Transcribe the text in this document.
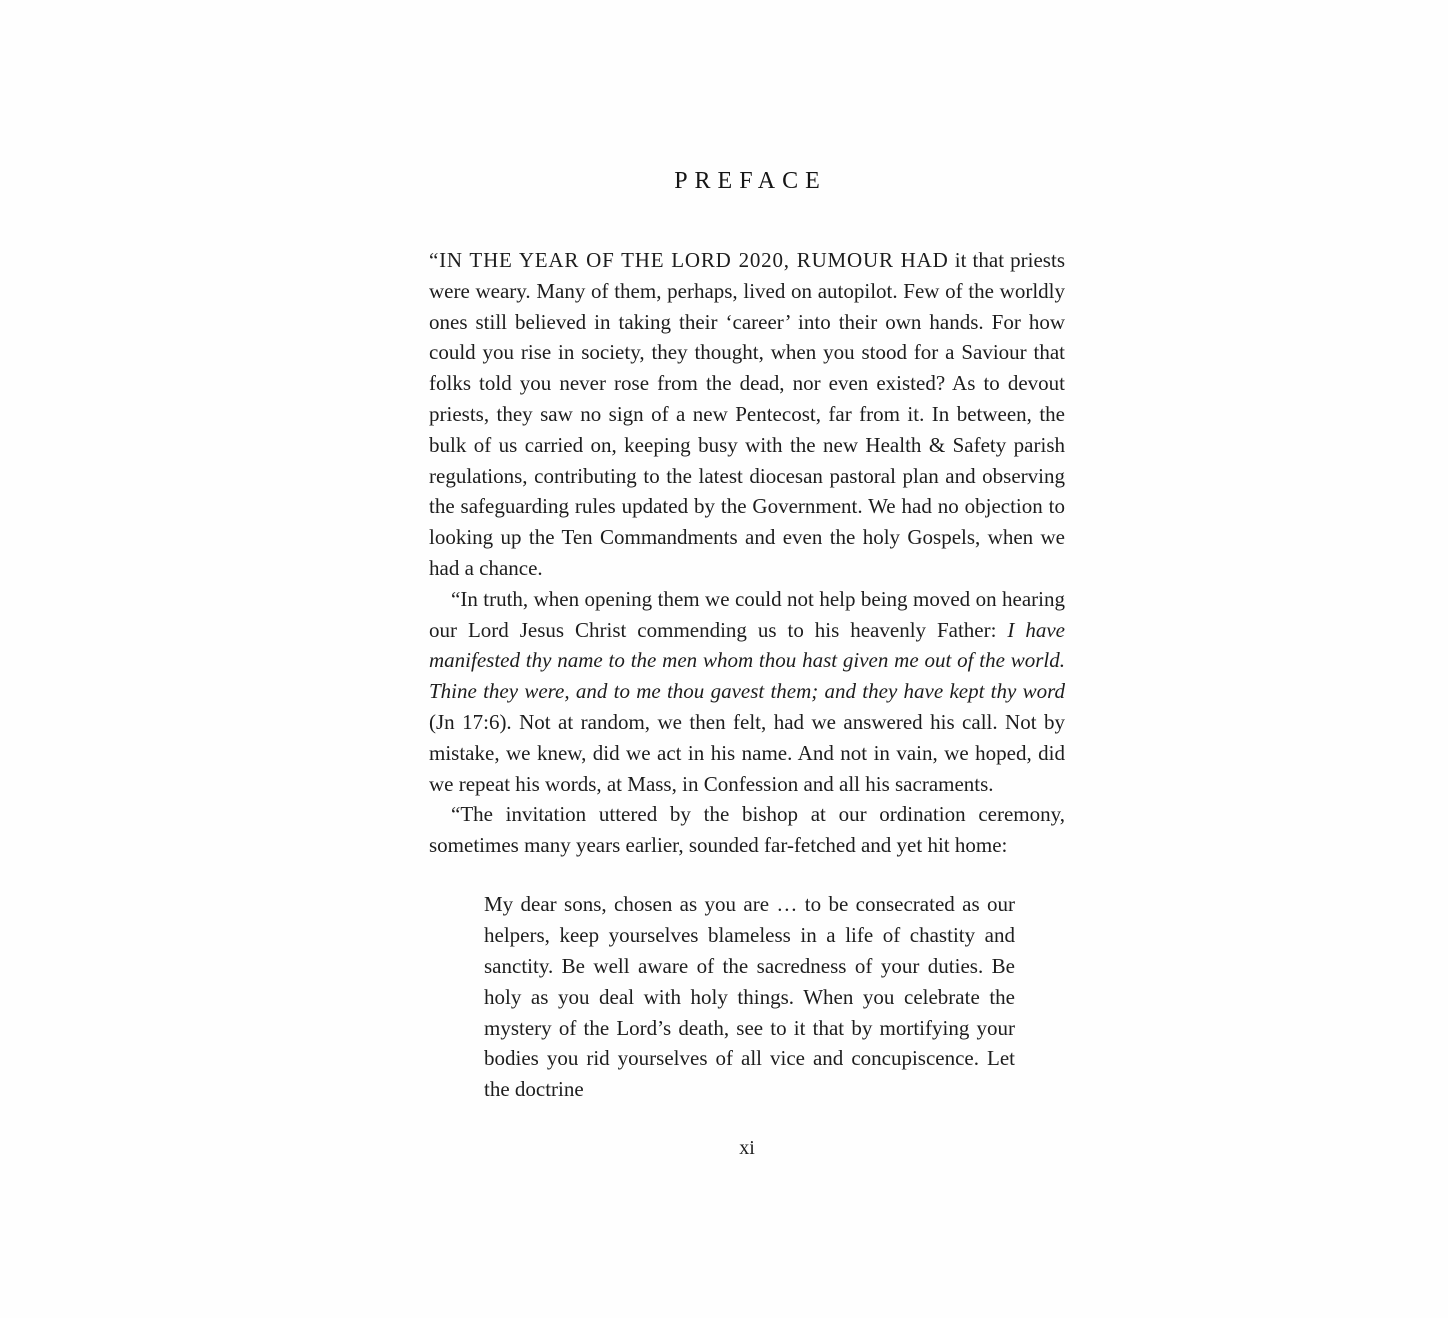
PREFACE

“IN THE YEAR OF THE LORD 2020, RUMOUR HAD it that priests were weary. Many of them, perhaps, lived on autopilot. Few of the worldly ones still believed in taking their ‘career’ into their own hands. For how could you rise in society, they thought, when you stood for a Saviour that folks told you never rose from the dead, nor even existed? As to devout priests, they saw no sign of a new Pentecost, far from it. In between, the bulk of us carried on, keeping busy with the new Health & Safety parish regulations, contributing to the latest diocesan pastoral plan and observing the safeguarding rules updated by the Government. We had no objection to looking up the Ten Commandments and even the holy Gospels, when we had a chance.

“In truth, when opening them we could not help being moved on hearing our Lord Jesus Christ commending us to his heavenly Father: I have manifested thy name to the men whom thou hast given me out of the world. Thine they were, and to me thou gavest them; and they have kept thy word (Jn 17:6). Not at random, we then felt, had we answered his call. Not by mistake, we knew, did we act in his name. And not in vain, we hoped, did we repeat his words, at Mass, in Confession and all his sacraments.

“The invitation uttered by the bishop at our ordination ceremony, sometimes many years earlier, sounded far-fetched and yet hit home:

My dear sons, chosen as you are … to be consecrated as our helpers, keep yourselves blameless in a life of chastity and sanctity. Be well aware of the sacredness of your duties. Be holy as you deal with holy things. When you celebrate the mystery of the Lord’s death, see to it that by mortifying your bodies you rid yourselves of all vice and concupiscence. Let the doctrine
xi
